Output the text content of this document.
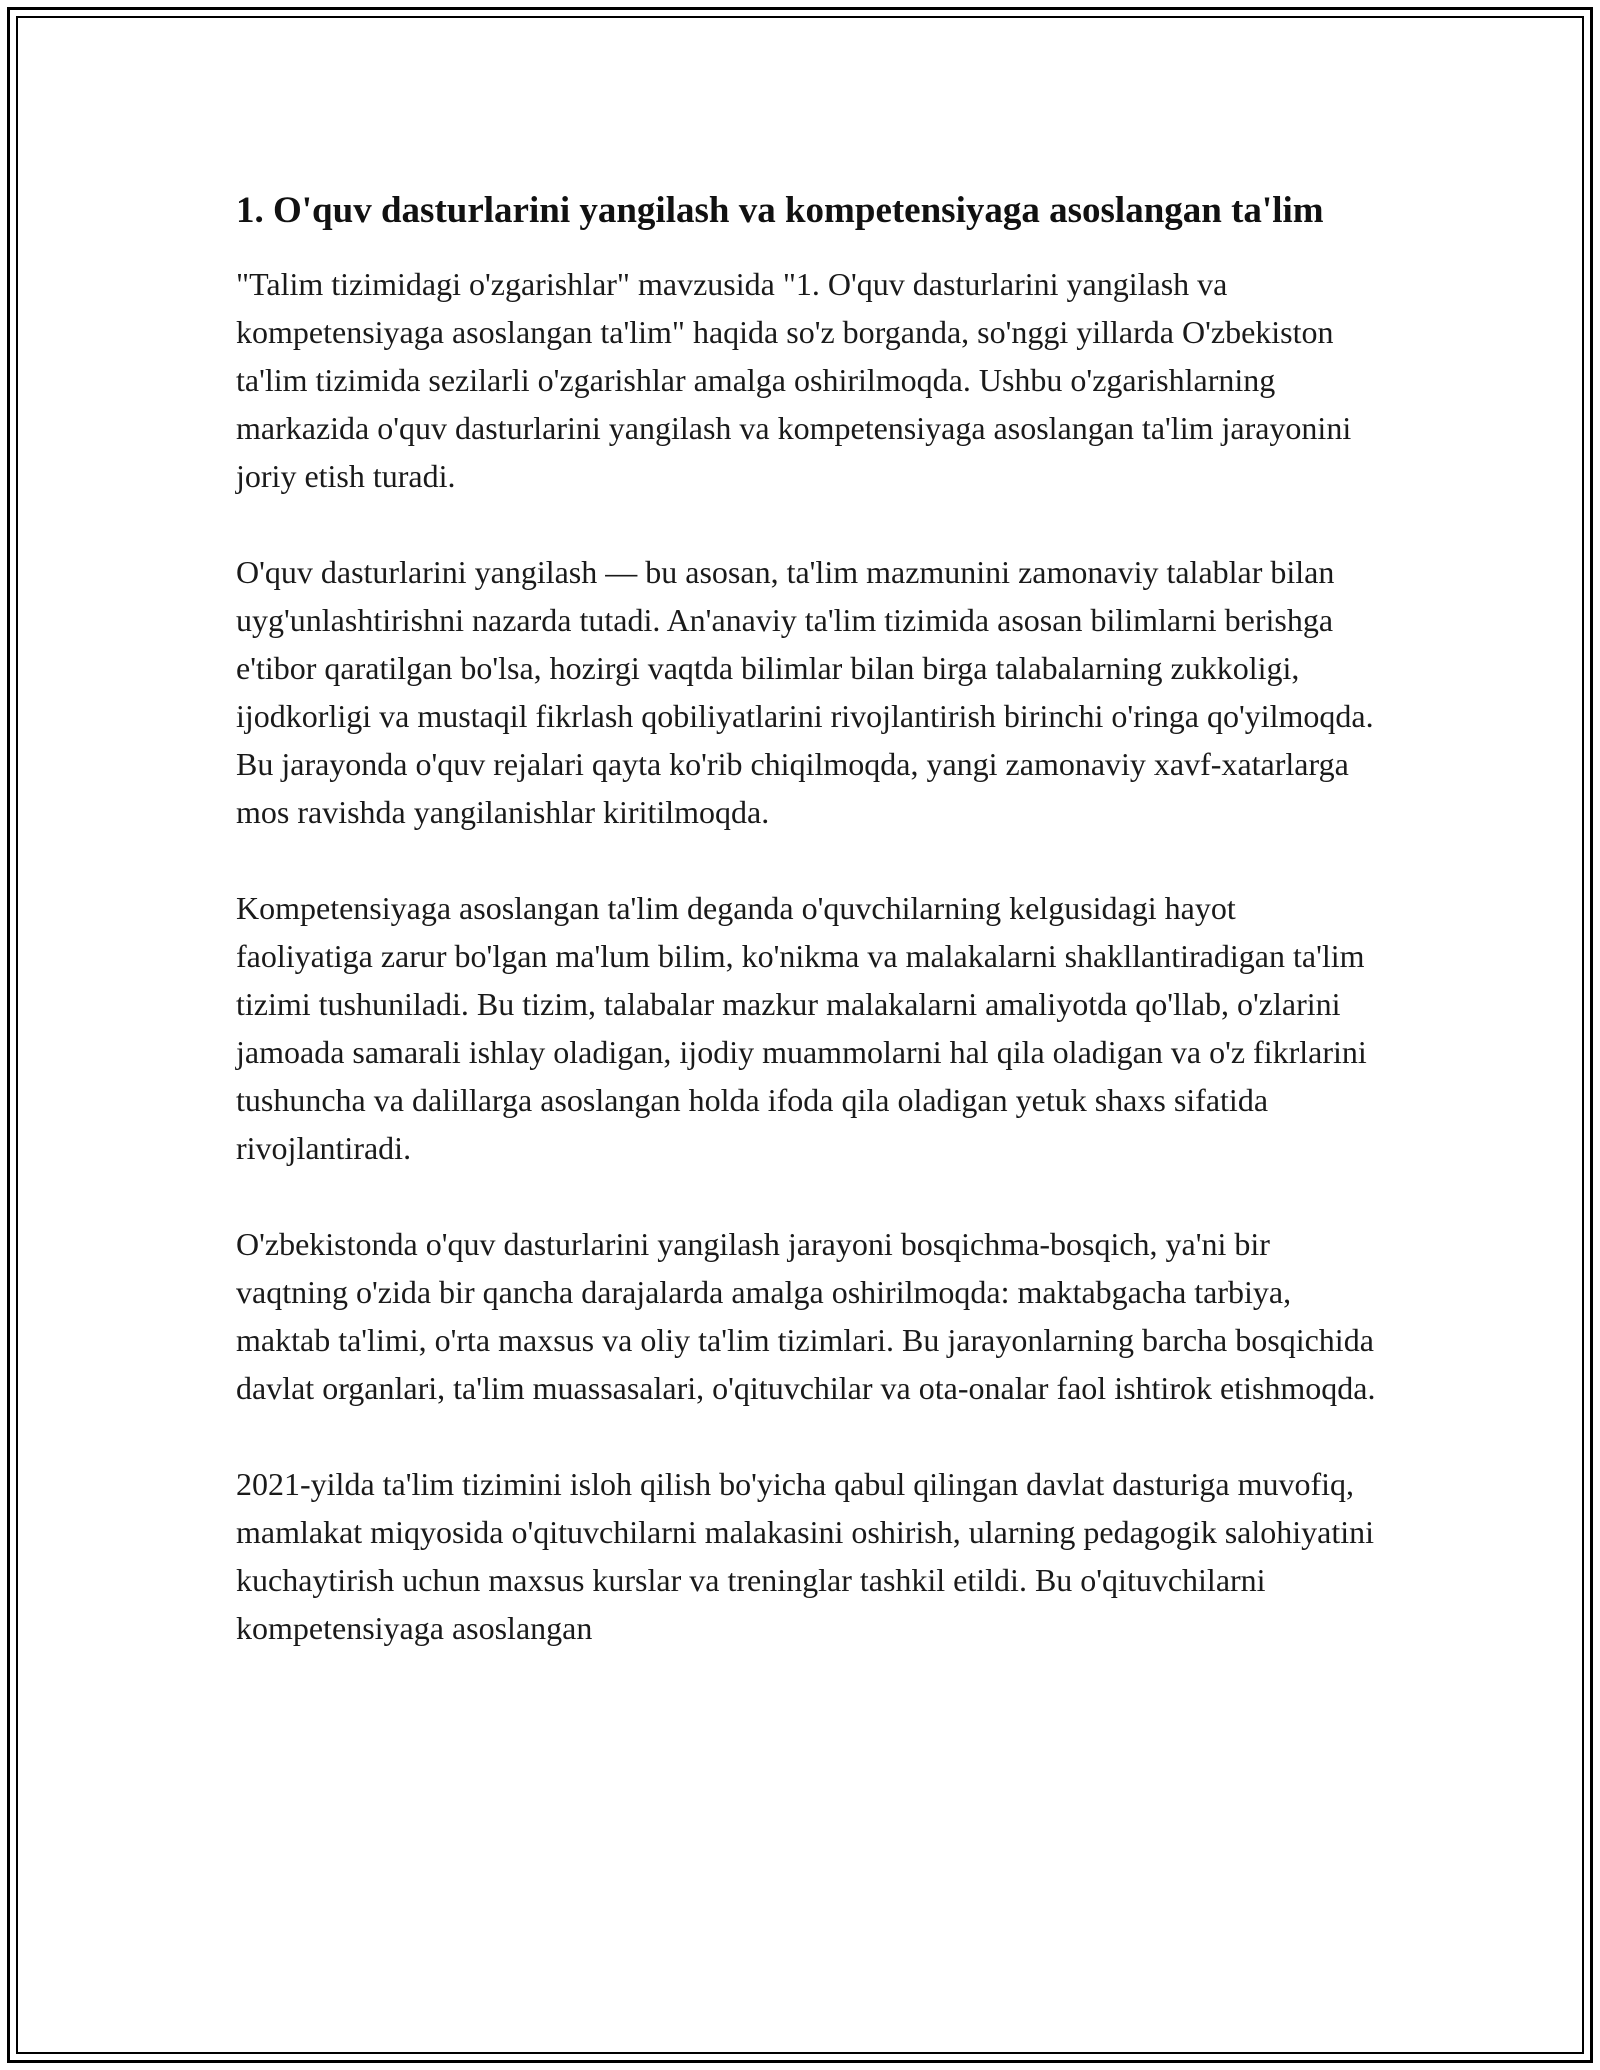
1. O'quv dasturlarini yangilash va kompetensiyaga asoslangan ta'lim

"Talim tizimidagi o'zgarishlar" mavzusida "1. O'quv dasturlarini yangilash va kompetensiyaga asoslangan ta'lim" haqida so'z borganda, so'nggi yillarda O'zbekiston ta'lim tizimida sezilarli o'zgarishlar amalga oshirilmoqda. Ushbu o'zgarishlarning markazida o'quv dasturlarini yangilash va kompetensiyaga asoslangan ta'lim jarayonini joriy etish turadi.

O'quv dasturlarini yangilash — bu asosan, ta'lim mazmunini zamonaviy talablar bilan uyg'unlashtirishni nazarda tutadi. An'anaviy ta'lim tizimida asosan bilimlarni berishga e'tibor qaratilgan bo'lsa, hozirgi vaqtda bilimlar bilan birga talabalarning zukkoligi, ijodkorligi va mustaqil fikrlash qobiliyatlarini rivojlantirish birinchi o'ringa qo'yilmoqda. Bu jarayonda o'quv rejalari qayta ko'rib chiqilmoqda, yangi zamonaviy xavf-xatarlarga mos ravishda yangilanishlar kiritilmoqda.

Kompetensiyaga asoslangan ta'lim deganda o'quvchilarning kelgusidagi hayot faoliyatiga zarur bo'lgan ma'lum bilim, ko'nikma va malakalarni shakllantiradigan ta'lim tizimi tushuniladi. Bu tizim, talabalar mazkur malakalarni amaliyotda qo'llab, o'zlarini jamoada samarali ishlay oladigan, ijodiy muammolarni hal qila oladigan va o'z fikrlarini tushuncha va dalillarga asoslangan holda ifoda qila oladigan yetuk shaxs sifatida rivojlantiradi.

O'zbekistonda o'quv dasturlarini yangilash jarayoni bosqichma-bosqich, ya'ni bir vaqtning o'zida bir qancha darajalarda amalga oshirilmoqda: maktabgacha tarbiya, maktab ta'limi, o'rta maxsus va oliy ta'lim tizimlari. Bu jarayonlarning barcha bosqichida davlat organlari, ta'lim muassasalari, o'qituvchilar va ota-onalar faol ishtirok etishmoqda.

2021-yilda ta'lim tizimini isloh qilish bo'yicha qabul qilingan davlat dasturiga muvofiq, mamlakat miqyosida o'qituvchilarni malakasini oshirish, ularning pedagogik salohiyatini kuchaytirish uchun maxsus kurslar va treninglar tashkil etildi. Bu o'qituvchilarni kompetensiyaga asoslangan
